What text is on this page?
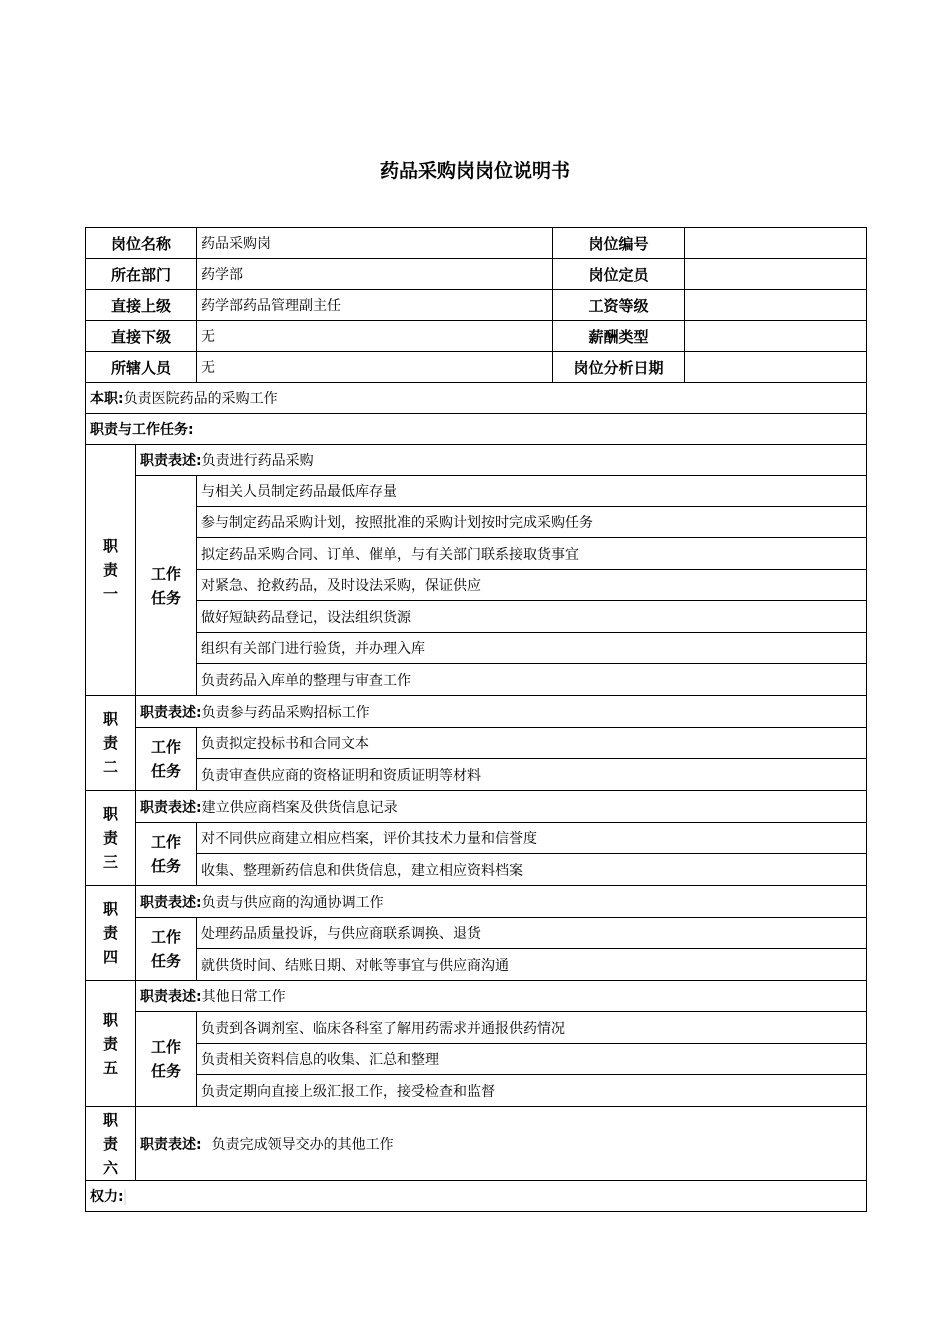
药品采购岗岗位说明书
岗位名称		药品采购岗	岗位编号	
所在部门		药学部	岗位定员	
直接上级		药学部药品管理副主任	工资等级	
直接下级		无	薪酬类型	
所辖人员		无	岗位分析日期	
本职:负责医院药品的采购工作				
职责与工作任务:				

职
责
一	职责表述:负责进行药品采购			

	工作
任务	与相关人员制定药品最低库存量		
		参与制定药品采购计划，按照批准的采购计划按时完成采购任务		
		拟定药品采购合同、订单、催单，与有关部门联系接取货事宜		
		对紧急、抢救药品，及时设法采购，保证供应		
		做好短缺药品登记，设法组织货源		
		组织有关部门进行验货，并办理入库		
		负责药品入库单的整理与审查工作		

职
责
二	职责表述:负责参与药品采购招标工作			

	工作
任务	负责拟定投标书和合同文本		
		负责审查供应商的资格证明和资质证明等材料		

职
责
三	职责表述:建立供应商档案及供货信息记录			

	工作
任务	对不同供应商建立相应档案，评价其技术力量和信誉度		
		收集、整理新药信息和供货信息，建立相应资料档案		

职
责
四	职责表述:负责与供应商的沟通协调工作			

	工作
任务	处理药品质量投诉，与供应商联系调换、退货		
		就供货时间、结账日期、对帐等事宜与供应商沟通		

职
责
五	职责表述:其他日常工作			

	工作
任务	负责到各调剂室、临床各科室了解用药需求并通报供药情况		
		负责相关资料信息的收集、汇总和整理		
		负责定期向直接上级汇报工作，接受检查和监督		

职
责
六	职责表述: 负责完成领导交办的其他工作			
权力:				
